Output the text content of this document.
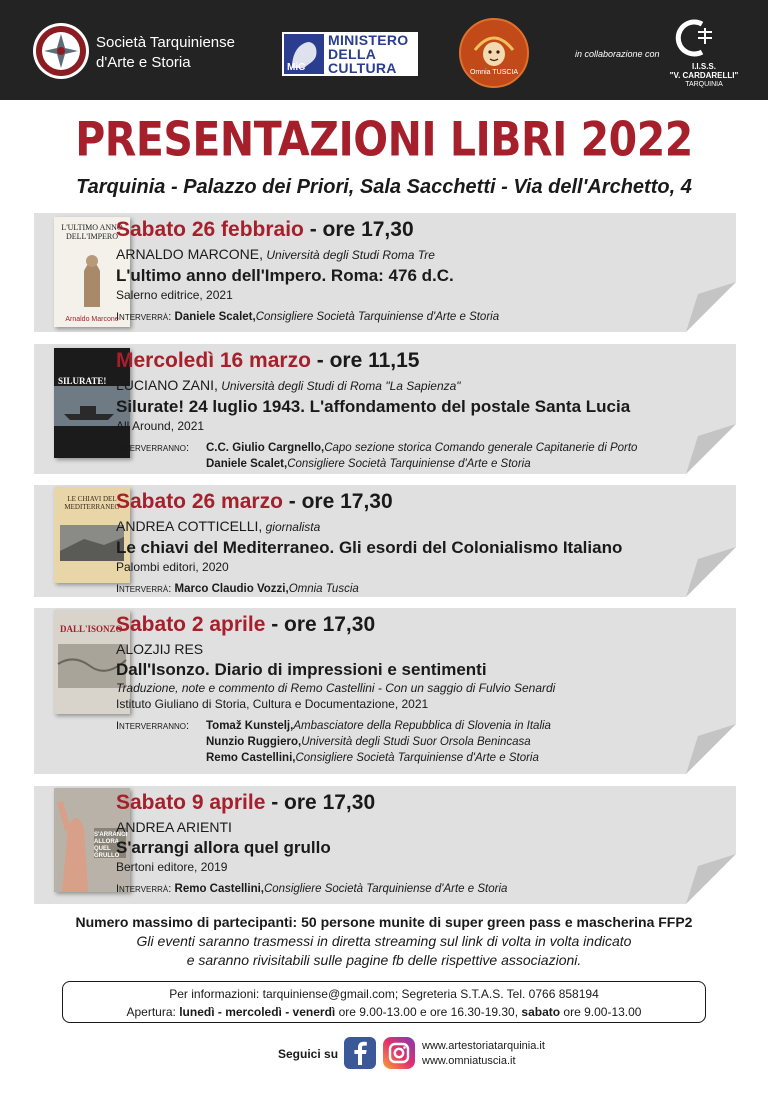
Società Tarquiniense
d'Arte e Storia	MiC
MINISTERO
DELLA
CULTURA	Omnia TUSCIA
in collaborazione con
I.I.S.S.
"V. CARDARELLI"
TARQUINIA
PRESENTAZIONI LIBRI 2022
Tarquinia - Palazzo dei Priori, Sala Sacchetti - Via dell'Archetto, 4
L'ULTIMO ANNO DELL'IMPERO
Arnaldo Marcone
Sabato 26 febbraio - ore 17,30
ARNALDO MARCONE, Università degli Studi Roma Tre
L'ultimo anno dell'Impero. Roma: 476 d.C.
Salerno editrice, 2021
Interverrà:
Daniele Scalet, Consigliere Società Tarquiniense d'Arte e Storia
SILURATE!
Mercoledì 16 marzo - ore 11,15
LUCIANO ZANI, Università degli Studi di Roma "La Sapienza"
Silurate! 24 luglio 1943. L'affondamento del postale Santa Lucia
All Around, 2021
Interverranno:	C.C. Giulio Cargnello, Capo sezione storica Comando generale Capitanerie di Porto
Daniele Scalet, Consigliere Società Tarquiniense d'Arte e Storia
LE CHIAVI DEL MEDITERRANEO
Sabato 26 marzo - ore 17,30
ANDREA COTTICELLI, giornalista
Le chiavi del Mediterraneo. Gli esordi del Colonialismo Italiano
Palombi editori, 2020
Interverrà:
Marco Claudio Vozzi, Omnia Tuscia
DALL'ISONZO
Sabato 2 aprile - ore 17,30
ALOZJIJ RES
Dall'Isonzo. Diario di impressioni e sentimenti
Traduzione, note e commento di Remo Castellini - Con un saggio di Fulvio Senardi
Istituto Giuliano di Storia, Cultura e Documentazione, 2021
Interverranno:	Tomaž Kunstelj, Ambasciatore della Repubblica di Slovenia in Italia
Nunzio Ruggiero, Università degli Studi Suor Orsola Benincasa
Remo Castellini, Consigliere Società Tarquiniense d'Arte e Storia
S'ARRANGI ALLORA QUEL GRULLO
Sabato 9 aprile - ore 17,30
ANDREA ARIENTI
S'arrangi allora quel grullo
Bertoni editore, 2019
Interverrà:
Remo Castellini, Consigliere Società Tarquiniense d'Arte e Storia
Numero massimo di partecipanti: 50 persone munite di super green pass e mascherina FFP2
Gli eventi saranno trasmessi in diretta streaming sul link di volta in volta indicato
e saranno rivisitabili sulle pagine fb delle rispettive associazioni.
Per informazioni: tarquiniense@gmail.com; Segreteria S.T.A.S. Tel. 0766 858194
Apertura: lunedì - mercoledì - venerdì ore 9.00-13.00 e ore 16.30-19.30, sabato ore 9.00-13.00
Seguici su
www.artestoriatarquinia.it
www.omniatuscia.it
